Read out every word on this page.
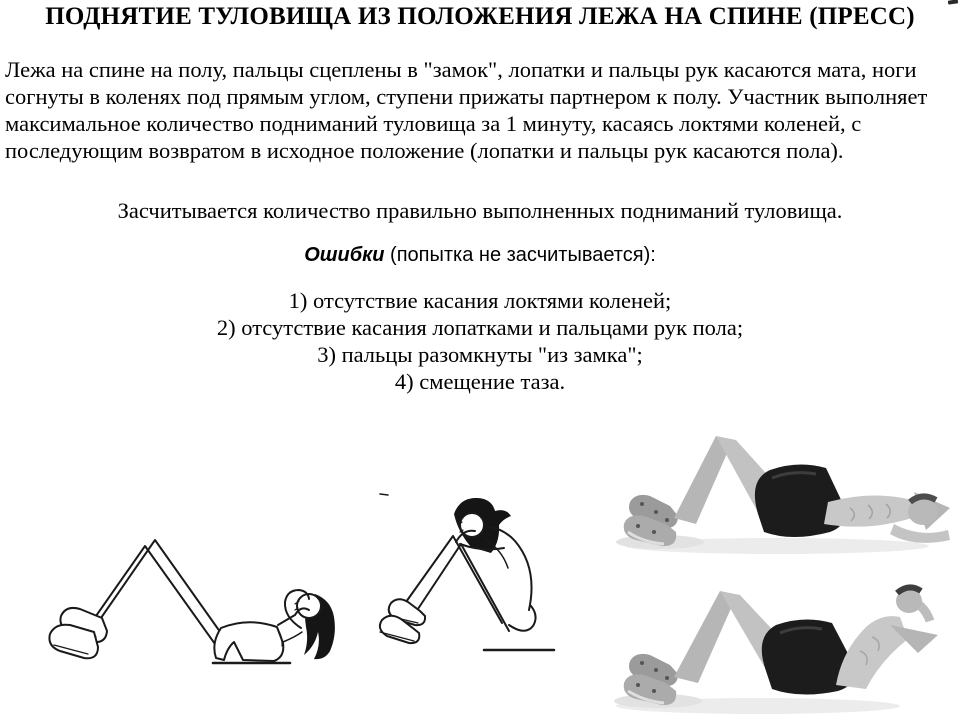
ПОДНЯТИЕ ТУЛОВИЩА ИЗ ПОЛОЖЕНИЯ ЛЕЖА НА СПИНЕ (ПРЕСС)

Лежа на спине на полу, пальцы сцеплены в "замок", лопатки и пальцы рук касаются мата, ноги согнуты в коленях под прямым углом, ступени прижаты партнером к полу. Участник выполняет максимальное количество подниманий туловища за 1 минуту, касаясь локтями коленей, с последующим возвратом в исходное положение (лопатки и пальцы рук касаются пола).

Засчитывается количество правильно выполненных подниманий туловища.

Ошибки (попытка не засчитывается):

1) отсутствие касания локтями коленей;
2) отсутствие касания лопатками и пальцами рук пола;
3) пальцы разомкнуты "из замка";
4) смещение таза.
